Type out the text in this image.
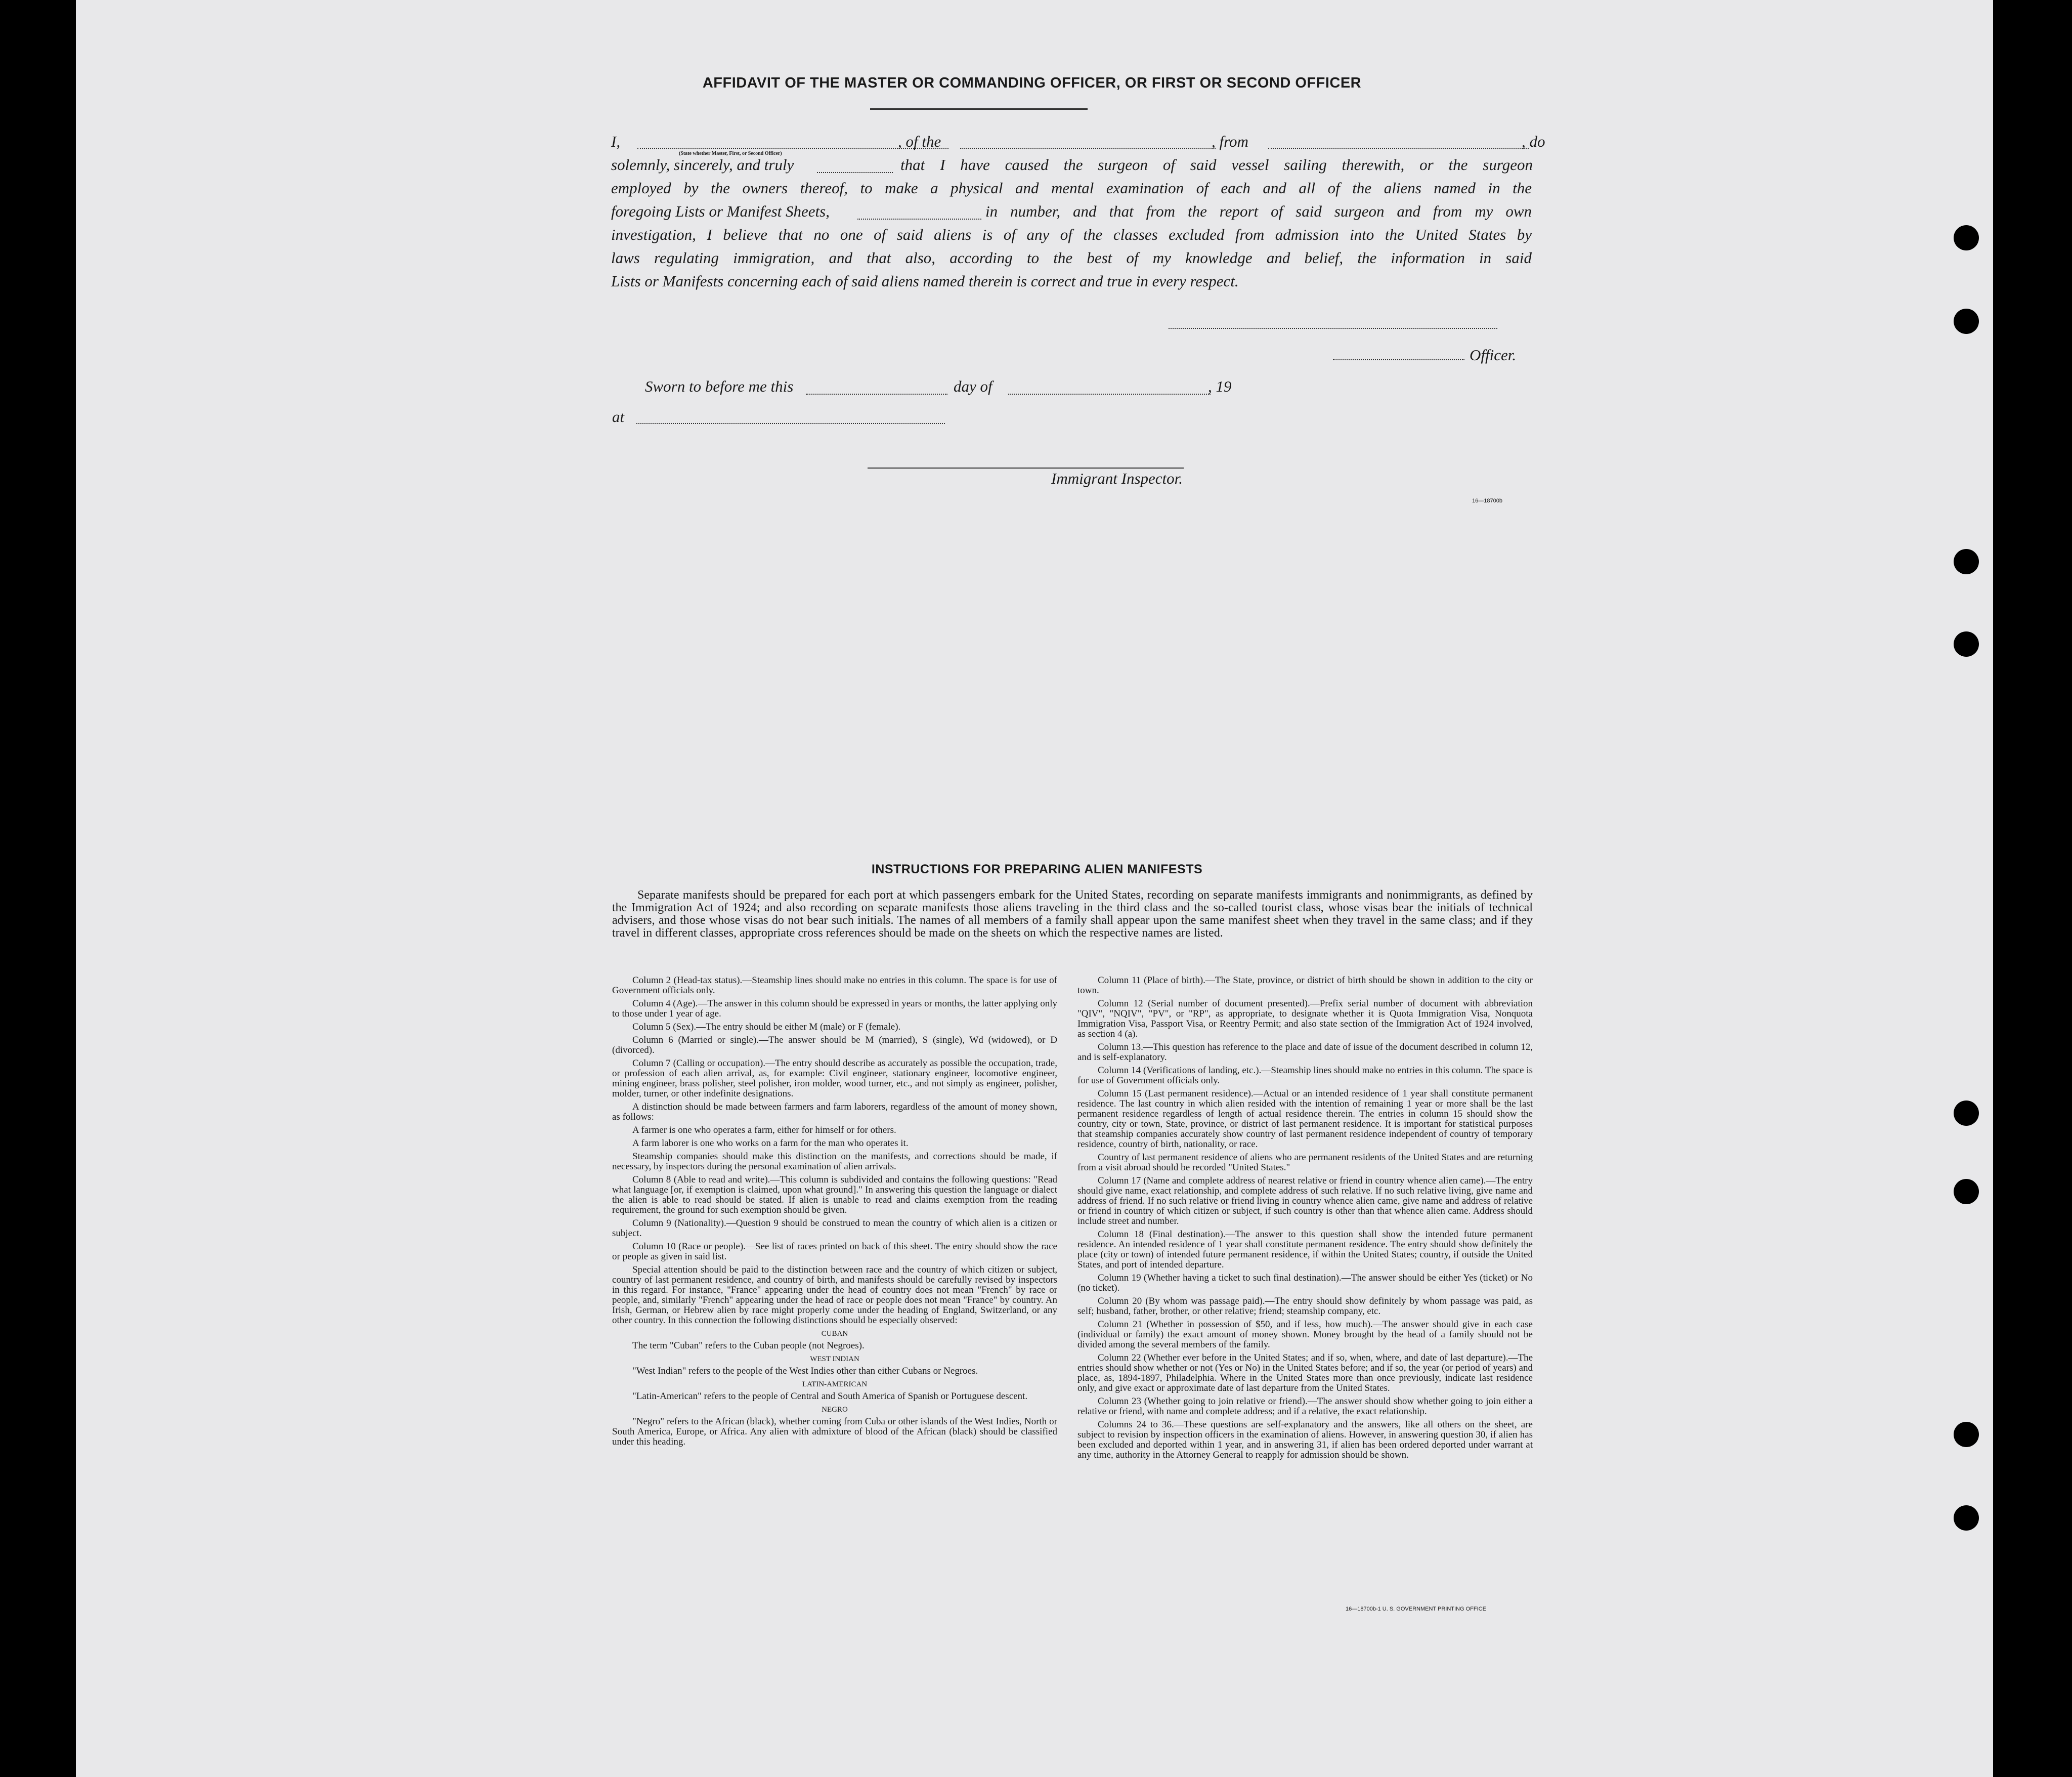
AFFIDAVIT OF THE MASTER OR COMMANDING OFFICER, OR FIRST OR SECOND OFFICER
I,	, of the	, from	, do
(State whether Master, First, or Second Officer)
solemnly, sincerely, and truly	that I have caused the surgeon of said vessel sailing therewith, or the surgeon
employed by the owners thereof, to make a physical and mental examination of each and all of the aliens named in the
foregoing Lists or Manifest Sheets,	in number, and that from the report of said surgeon and from my own
investigation, I believe that no one of said aliens is of any of the classes excluded from admission into the United States by
laws regulating immigration, and that also, according to the best of my knowledge and belief, the information in said
Lists or Manifests concerning each of said aliens named therein is correct and true in every respect.
Officer.
Sworn to before me this	day of	, 19
at
Immigrant Inspector.
16—18700b
INSTRUCTIONS FOR PREPARING ALIEN MANIFESTS
Separate manifests should be prepared for each port at which passengers embark for the United States, recording on separate manifests immigrants and nonimmigrants, as defined by the Immigration Act of 1924; and also recording on separate manifests those aliens traveling in the third class and the so-called tourist class, whose visas bear the initials of technical advisers, and those whose visas do not bear such initials. The names of all members of a family shall appear upon the same manifest sheet when they travel in the same class; and if they travel in different classes, appropriate cross references should be made on the sheets on which the respective names are listed.

Column 2 (Head-tax status).—Steamship lines should make no entries in this column. The space is for use of Government officials only.

Column 4 (Age).—The answer in this column should be expressed in years or months, the latter applying only to those under 1 year of age.

Column 5 (Sex).—The entry should be either M (male) or F (female).

Column 6 (Married or single).—The answer should be M (married), S (single), Wd (widowed), or D (divorced).

Column 7 (Calling or occupation).—The entry should describe as accurately as possible the occupation, trade, or profession of each alien arrival, as, for example: Civil engineer, stationary engineer, locomotive engineer, mining engineer, brass polisher, steel polisher, iron molder, wood turner, etc., and not simply as engineer, polisher, molder, turner, or other indefinite designations.

A distinction should be made between farmers and farm laborers, regardless of the amount of money shown, as follows:

A farmer is one who operates a farm, either for himself or for others.

A farm laborer is one who works on a farm for the man who operates it.

Steamship companies should make this distinction on the manifests, and corrections should be made, if necessary, by inspectors during the personal examination of alien arrivals.

Column 8 (Able to read and write).—This column is subdivided and contains the following questions: "Read what language [or, if exemption is claimed, upon what ground]." In answering this question the language or dialect the alien is able to read should be stated. If alien is unable to read and claims exemption from the reading requirement, the ground for such exemption should be given.

Column 9 (Nationality).—Question 9 should be construed to mean the country of which alien is a citizen or subject.

Column 10 (Race or people).—See list of races printed on back of this sheet. The entry should show the race or people as given in said list.

Special attention should be paid to the distinction between race and the country of which citizen or subject, country of last permanent residence, and country of birth, and manifests should be carefully revised by inspectors in this regard. For instance, "France" appearing under the head of country does not mean "French" by race or people, and, similarly "French" appearing under the head of race or people does not mean "France" by country. An Irish, German, or Hebrew alien by race might properly come under the heading of England, Switzerland, or any other country. In this connection the following distinctions should be especially observed:

CUBAN

The term "Cuban" refers to the Cuban people (not Negroes).

WEST INDIAN

"West Indian" refers to the people of the West Indies other than either Cubans or Negroes.

LATIN-AMERICAN

"Latin-American" refers to the people of Central and South America of Spanish or Portuguese descent.

NEGRO

"Negro" refers to the African (black), whether coming from Cuba or other islands of the West Indies, North or South America, Europe, or Africa. Any alien with admixture of blood of the African (black) should be classified under this heading.

Column 11 (Place of birth).—The State, province, or district of birth should be shown in addition to the city or town.

Column 12 (Serial number of document presented).—Prefix serial number of document with abbreviation "QIV", "NQIV", "PV", or "RP", as appropriate, to designate whether it is Quota Immigration Visa, Nonquota Immigration Visa, Passport Visa, or Reentry Permit; and also state section of the Immigration Act of 1924 involved, as section 4 (a).

Column 13.—This question has reference to the place and date of issue of the document described in column 12, and is self-explanatory.

Column 14 (Verifications of landing, etc.).—Steamship lines should make no entries in this column. The space is for use of Government officials only.

Column 15 (Last permanent residence).—Actual or an intended residence of 1 year shall constitute permanent residence. The last country in which alien resided with the intention of remaining 1 year or more shall be the last permanent residence regardless of length of actual residence therein. The entries in column 15 should show the country, city or town, State, province, or district of last permanent residence. It is important for statistical purposes that steamship companies accurately show country of last permanent residence independent of country of temporary residence, country of birth, nationality, or race.

Country of last permanent residence of aliens who are permanent residents of the United States and are returning from a visit abroad should be recorded "United States."

Column 17 (Name and complete address of nearest relative or friend in country whence alien came).—The entry should give name, exact relationship, and complete address of such relative. If no such relative living, give name and address of friend. If no such relative or friend living in country whence alien came, give name and address of relative or friend in country of which citizen or subject, if such country is other than that whence alien came. Address should include street and number.

Column 18 (Final destination).—The answer to this question shall show the intended future permanent residence. An intended residence of 1 year shall constitute permanent residence. The entry should show definitely the place (city or town) of intended future permanent residence, if within the United States; country, if outside the United States, and port of intended departure.

Column 19 (Whether having a ticket to such final destination).—The answer should be either Yes (ticket) or No (no ticket).

Column 20 (By whom was passage paid).—The entry should show definitely by whom passage was paid, as self; husband, father, brother, or other relative; friend; steamship company, etc.

Column 21 (Whether in possession of $50, and if less, how much).—The answer should give in each case (individual or family) the exact amount of money shown. Money brought by the head of a family should not be divided among the several members of the family.

Column 22 (Whether ever before in the United States; and if so, when, where, and date of last departure).—The entries should show whether or not (Yes or No) in the United States before; and if so, the year (or period of years) and place, as, 1894-1897, Philadelphia. Where in the United States more than once previously, indicate last residence only, and give exact or approximate date of last departure from the United States.

Column 23 (Whether going to join relative or friend).—The answer should show whether going to join either a relative or friend, with name and complete address; and if a relative, the exact relationship.

Columns 24 to 36.—These questions are self-explanatory and the answers, like all others on the sheet, are subject to revision by inspection officers in the examination of aliens. However, in answering question 30, if alien has been excluded and deported within 1 year, and in answering 31, if alien has been ordered deported under warrant at any time, authority in the Attorney General to reapply for admission should be shown.

16—18700b-1 U. S. GOVERNMENT PRINTING OFFICE
